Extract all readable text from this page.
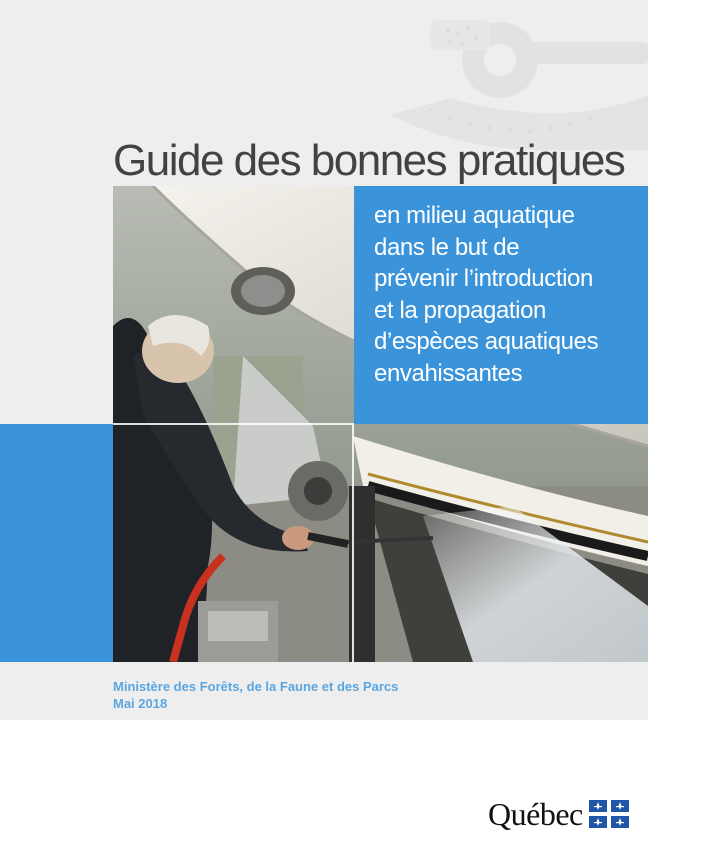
Guide des bonnes pratiques
en milieu aquatique
dans le but de
prévenir l’introduction
et la propagation
d’espèces aquatiques
envahissantes
Ministère des Forêts, de la Faune et des Parcs
Mai 2018
Québec
